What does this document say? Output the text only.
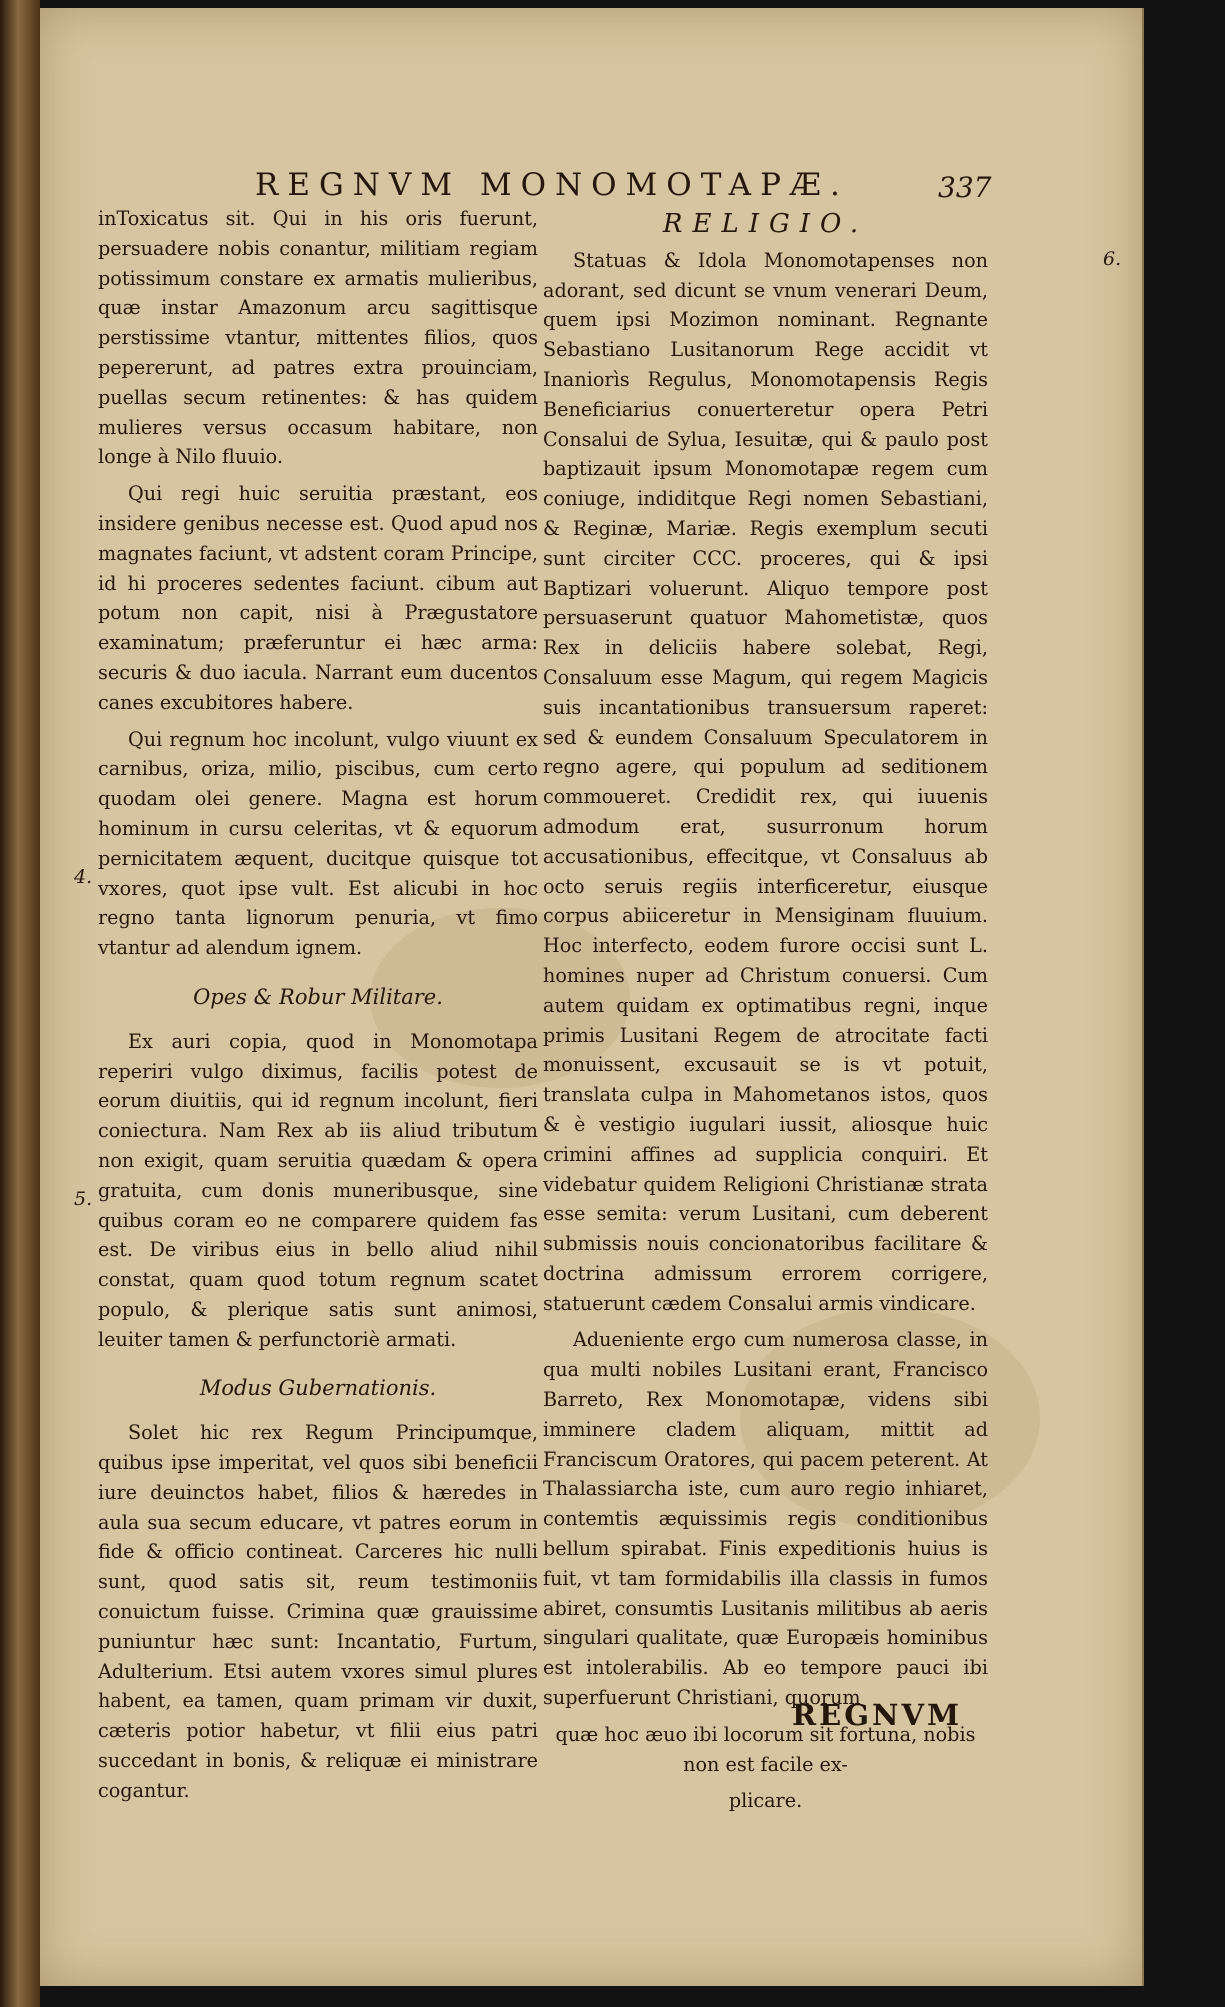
REGNVM MONOMOTAPÆ.	337

inToxicatus sit. Qui in his oris fuerunt, persuadere nobis conantur, militiam regiam potissimum constare ex armatis mulieribus, quæ instar Amazonum arcu sagittisque perstissime vtantur, mittentes filios, quos pepererunt, ad patres extra prouinciam, puellas secum retinentes: & has quidem mulieres versus occasum habitare, non longe à Nilo fluuio.

Qui regi huic seruitia præstant, eos insidere genibus necesse est. Quod apud nos magnates faciunt, vt adstent coram Principe, id hi proceres sedentes faciunt. cibum aut potum non capit, nisi à Prægustatore examinatum; præferuntur ei hæc arma: securis & duo iacula. Narrant eum ducentos canes excubitores habere.

Qui regnum hoc incolunt, vulgo viuunt ex carnibus, oriza, milio, piscibus, cum certo quodam olei genere. Magna est horum hominum in cursu celeritas, vt & equorum pernicitatem æquent, ducitque quisque tot vxores, quot ipse vult. Est alicubi in hoc regno tanta lignorum penuria, vt fimo vtantur ad alendum ignem.

Opes & Robur Militare.

Ex auri copia, quod in Monomotapa reperiri vulgo diximus, facilis potest de eorum diuitiis, qui id regnum incolunt, fieri coniectura. Nam Rex ab iis aliud tributum non exigit, quam seruitia quædam & opera gratuita, cum donis muneribusque, sine quibus coram eo ne comparere quidem fas est. De viribus eius in bello aliud nihil constat, quam quod totum regnum scatet populo, & plerique satis sunt animosi, leuiter tamen & perfunctoriè armati.

Modus Gubernationis.

Solet hic rex Regum Principumque, quibus ipse imperitat, vel quos sibi beneficii iure deuinctos habet, filios & hæredes in aula sua secum educare, vt patres eorum in fide & officio contineat. Carceres hic nulli sunt, quod satis sit, reum testimoniis conuictum fuisse. Crimina quæ grauissime puniuntur hæc sunt: Incantatio, Furtum, Adulterium. Etsi autem vxores simul plures habent, ea tamen, quam primam vir duxit, cæteris potior habetur, vt filii eius patri succedant in bonis, & reliquæ ei ministrare cogantur.

4.
5.
RELIGIO.

Statuas & Idola Monomotapenses non adorant, sed dicunt se vnum venerari Deum, quem ipsi Mozimon nominant. Regnante Sebastiano Lusitanorum Rege accidit vt Inaniorìs Regulus, Monomotapensis Regis Beneficiarius conuerteretur opera Petri Consalui de Sylua, Iesuitæ, qui & paulo post baptizauit ipsum Monomotapæ regem cum coniuge, indiditque Regi nomen Sebastiani, & Reginæ, Mariæ. Regis exemplum secuti sunt circiter CCC. proceres, qui & ipsi Baptizari voluerunt. Aliquo tempore post persuaserunt quatuor Mahometistæ, quos Rex in deliciis habere solebat, Regi, Consaluum esse Magum, qui regem Magicis suis incantationibus transuersum raperet: sed & eundem Consaluum Speculatorem in regno agere, qui populum ad seditionem commoueret. Credidit rex, qui iuuenis admodum erat, susurronum horum accusationibus, effecitque, vt Consaluus ab octo seruis regiis interficeretur, eiusque corpus abiiceretur in Mensiginam fluuium. Hoc interfecto, eodem furore occisi sunt L. homines nuper ad Christum conuersi. Cum autem quidam ex optimatibus regni, inque primis Lusitani Regem de atrocitate facti monuissent, excusauit se is vt potuit, translata culpa in Mahometanos istos, quos & è vestigio iugulari iussit, aliosque huic crimini affines ad supplicia conquiri. Et videbatur quidem Religioni Christianæ strata esse semita: verum Lusitani, cum deberent submissis nouis concionatoribus facilitare & doctrina admissum errorem corrigere, statuerunt cædem Consalui armis vindicare.

Adueniente ergo cum numerosa classe, in qua multi nobiles Lusitani erant, Francisco Barreto, Rex Monomotapæ, videns sibi imminere cladem aliquam, mittit ad Franciscum Oratores, qui pacem peterent. At Thalassiarcha iste, cum auro regio inhiaret, contemtis æquissimis regis conditionibus bellum spirabat. Finis expeditionis huius is fuit, vt tam formidabilis illa classis in fumos abiret, consumtis Lusitanis militibus ab aeris singulari qualitate, quæ Europæis hominibus est intolerabilis. Ab eo tempore pauci ibi superfuerunt Christiani, quorum

quæ hoc æuo ibi locorum sit fortuna, nobis non est facile ex-

plicare.

6.
REGNVM
